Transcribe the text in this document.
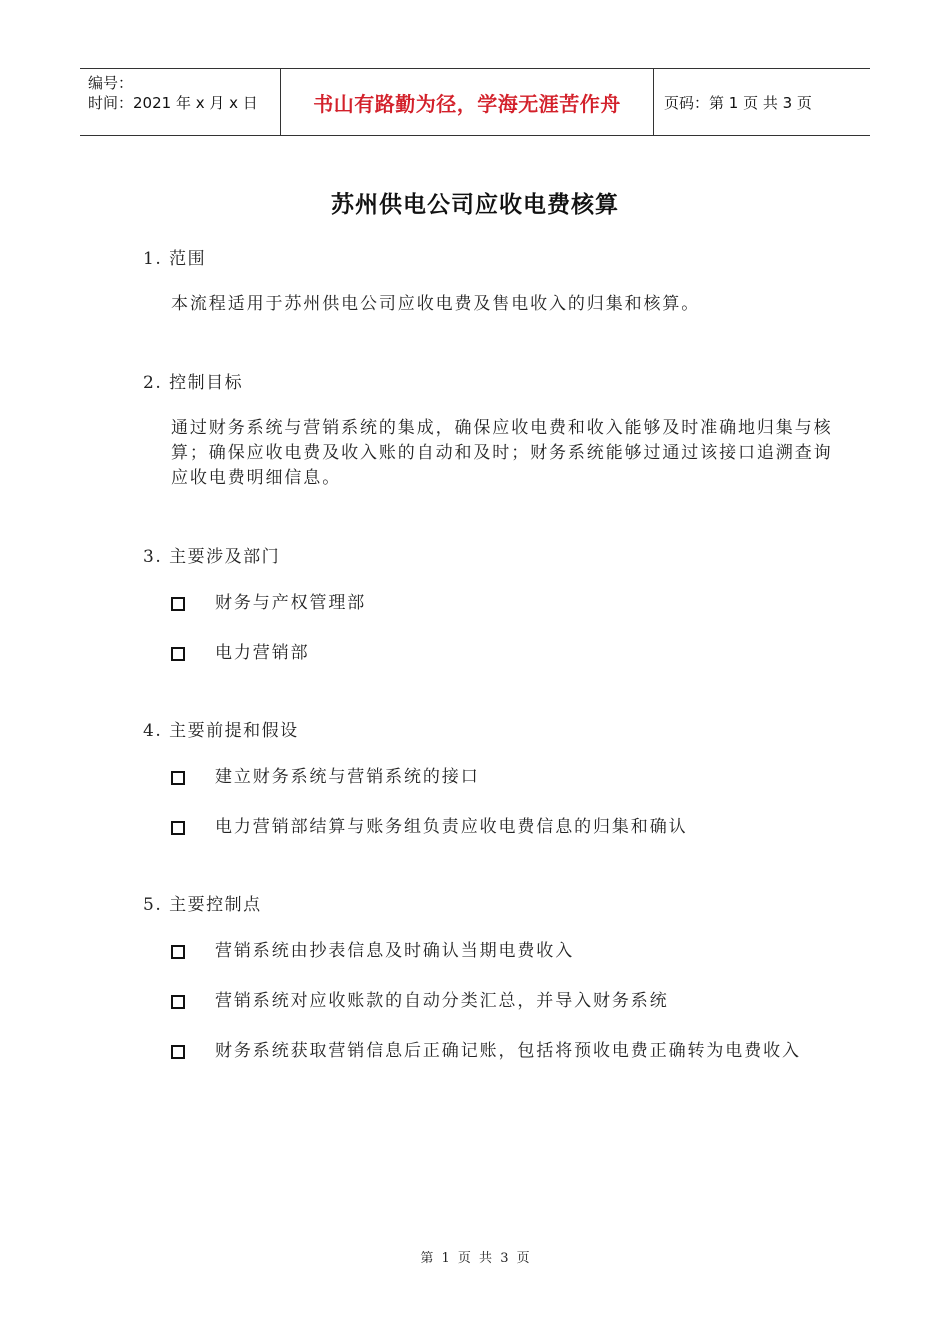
编号：
时间：2021 年 x 月 x 日	书山有路勤为径，学海无涯苦作舟	页码：第 1 页 共 3 页
苏州供电公司应收电费核算
1. 范围
本流程适用于苏州供电公司应收电费及售电收入的归集和核算。
2. 控制目标
通过财务系统与营销系统的集成，确保应收电费和收入能够及时准确地归集与核算；确保应收电费及收入账的自动和及时；财务系统能够过通过该接口追溯查询应收电费明细信息。
3. 主要涉及部门
财务与产权管理部
电力营销部
4. 主要前提和假设
建立财务系统与营销系统的接口
电力营销部结算与账务组负责应收电费信息的归集和确认
5. 主要控制点
营销系统由抄表信息及时确认当期电费收入
营销系统对应收账款的自动分类汇总，并导入财务系统
财务系统获取营销信息后正确记账，包括将预收电费正确转为电费收入
第 1 页 共 3 页
